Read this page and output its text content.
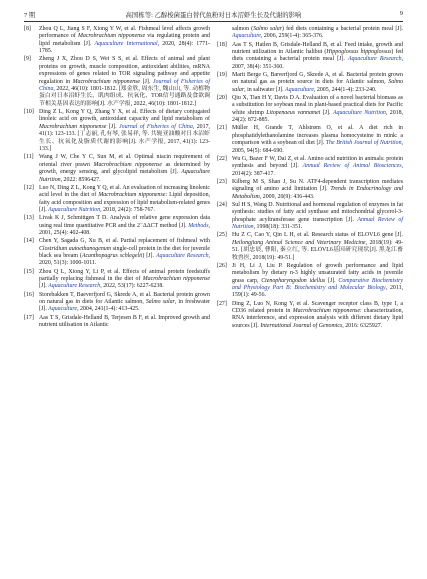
7 期	高国栋等: 乙醇梭菌蛋白替代鱼粉对日本沼虾生长及代谢的影响	9
[8] Zhou Q L, Jiang S F, Xiong Y W, et al. Fishmeal level affects growth performance of Macrobrachium nipponense via regulating protein and lipid metabolism [J]. Aquaculture International, 2020, 28(4): 1771-1785.
[9] Zheng J X, Zhou D S, Wei S S, et al. Effects of animal and plant proteins on growth, muscle composition, antioxidant abilities, mRNA expressions of genes related to TOR signaling pathway and appetite regulation in Macrobrachium nipponense [J]. Journal of Fisheries of China, 2022, 46(10): 1801-1812. [郑金欣, 周东生, 魏山山, 等. 动植物蛋白对日本沼虾生长、肌肉组成、抗氧化、TOR信号通路及食欲调节相关基因表达的影响[J]. 水产学报, 2022, 46(10): 1801-1812.]
[10] Ding Z L, Kong Y Q, Zhang Y X, et al. Effects of dietary conjugated linoleic acid on growth, antioxidant capacity and lipid metabolism of Macrobrachium nipponense [J]. Journal of Fisheries of China, 2017, 41(1): 123-133. [丁志丽, 孔有琴, 张易祥, 等. 共轭亚油酸对日本沼虾生长、抗氧化及脂质代谢的影响[J]. 水产学报, 2017, 41(1): 123-133.]
[11] Wang J W, Che Y C, Sun M, et al. Optimal niacin requirement of oriental river prawn Macrobrachium nipponense as determined by growth, energy sensing, and glycolipid metabolism [J]. Aquaculture Nutrition, 2022: 8596427.
[12] Luo N, Ding Z L, Kong Y Q, et al. An evaluation of increasing linolenic acid level in the diet of Macrobrachium nipponense: Lipid deposition, fatty acid composition and expression of lipid metabolism-related genes [J]. Aquaculture Nutrition, 2018, 24(2): 758-767.
[13] Livak K J, Schmittgen T D. Analysis of relative gene expression data using real time quantitative PCR and the 2⁻ΔΔCT method [J]. Methods, 2001, 25(4): 402-408.
[14] Chen Y, Sagada G, Xu B, et al. Partial replacement of fishmeal with Clostridium autoethanogenum single-cell protein in the diet for juvenile black sea bream (Acanthopagrus schlegelii) [J]. Aquaculture Research, 2020, 51(3): 1000-1011.
[15] Zhou Q L, Xiong Y, Li P, et al. Effects of animal protein feedstuffs partially replacing fishmeal in the diet of Macrobrachium nipponense [J]. Aquaculture Research, 2022, 53(17): 6227-6238.
[16] Storebakken T, Baeverfjord G, Skrede A, et al. Bacterial protein grown on natural gas in diets for Atlantic salmon, Salmo salar, in freshwater [J]. Aquaculture, 2004, 241(1-4): 413-425.
[17] Aas T S, Grisdale-Helland B, Terjesen B F, et al. Improved growth and nutrient utilisation in Atlantic
salmon (Salmo salar) fed diets containing a bacterial protein meal [J]. Aquaculture, 2006, 259(1-4): 365-376.
[18] Aas T S, Hatlen B, Grisdale-Helland B, et al. Feed intake, growth and nutrient utilization in Atlantic halibut (Hippoglossus hippoglossus) fed diets containing a bacterial protein meal [J]. Aquaculture Research, 2007, 38(4): 351-360.
[19] Marit Berge G, Bæverfjord G, Skrede A, et al. Bacterial protein grown on natural gas as protein source in diets for Atlantic salmon, Salmo salar, in saltwater [J]. Aquaculture, 2005, 244(1-4): 233-240.
[20] Qiu X, Tian H Y, Davis D A. Evaluation of a novel bacterial biomass as a substitution for soybean meal in plant-based practical diets for Pacific white shrimp Litopenaeus vannamei [J]. Aquaculture Nutrition, 2018, 24(2): 872-885.
[21] Müller H, Grande T, Ahlstrøm O, et al. A diet rich in phosphatidylethanolamine increases plasma homocysteine in mink: a comparison with a soybean oil diet [J]. The British Journal of Nutrition, 2005, 94(5): 684-690.
[22] Wu G, Bazer F W, Dai Z, et al. Amino acid nutrition in animals: protein synthesis and beyond [J]. Annual Review of Animal Biosciences, 2014(2): 387-417.
[23] Kilberg M S, Shan J, Su N. ATF4-dependent transcription mediates signaling of amino acid limitation [J]. Trends in Endocrinology and Metabolism, 2009, 20(9): 436-443.
[24] Sul H S, Wang D. Nutritional and hormonal regulation of enzymes in fat synthesis: studies of fatty acid synthase and mitochondrial glycerol-3-phosphate acyltransferase gene transcription [J]. Annual Review of Nutrition, 1998(18): 331-351.
[25] Hu Z C, Cao Y, Qin L H, et al. Research status of ELOVL6 gene [J]. Heilongjiang Animal Science and Veterinary Medicine, 2018(19): 49-51. [胡忠晨, 曹阳, 秦立红, 等. ELOVL6基因研究现状[J]. 黑龙江畜牧兽医, 2018(19): 49-51.]
[26] Ji H, Li J, Liu P. Regulation of growth performance and lipid metabolism by dietary n-3 highly unsaturated fatty acids in juvenile grass carp, Ctenopharyngodon idellus [J]. Comparative Biochemistry and Physiology Part B: Biochemistry and Molecular Biology, 2011, 159(1): 49-56.
[27] Ding Z, Luo N, Kong Y, et al. Scavenger receptor class B, type I, a CD36 related protein in Macrobrachium nipponense: characterization, RNA interference, and expression analysis with different dietary lipid sources [J]. International Journal of Genomics, 2016: 6325927.
